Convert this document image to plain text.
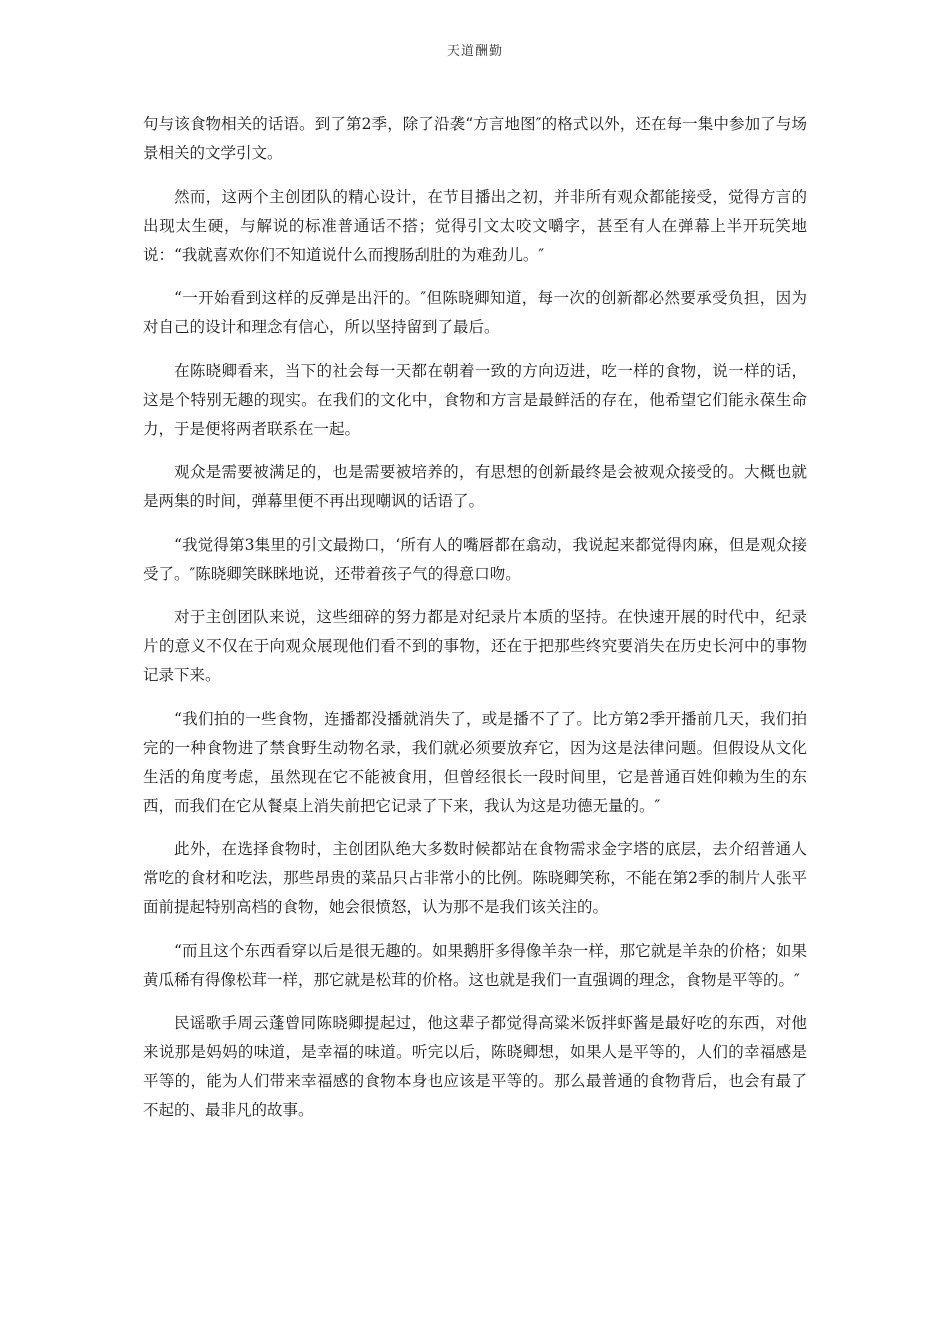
天道酬勤

句与该食物相关的话语。到了第2季，除了沿袭“方言地图″的格式以外，还在每一集中参加了与场景相关的文学引文。

然而，这两个主创团队的精心设计，在节目播出之初，并非所有观众都能接受，觉得方言的出现太生硬，与解说的标准普通话不搭；觉得引文太咬文嚼字，甚至有人在弹幕上半开玩笑地说：“我就喜欢你们不知道说什么而搜肠刮肚的为难劲儿。″

“一开始看到这样的反弹是出汗的。″但陈晓卿知道，每一次的创新都必然要承受负担，因为对自己的设计和理念有信心，所以坚持留到了最后。

在陈晓卿看来，当下的社会每一天都在朝着一致的方向迈进，吃一样的食物，说一样的话，这是个特别无趣的现实。在我们的文化中，食物和方言是最鲜活的存在，他希望它们能永葆生命力，于是便将两者联系在一起。

观众是需要被满足的，也是需要被培养的，有思想的创新最终是会被观众接受的。大概也就是两集的时间，弹幕里便不再出现嘲讽的话语了。

“我觉得第3集里的引文最拗口，‘所有人的嘴唇都在翕动，我说起来都觉得肉麻，但是观众接受了。″陈晓卿笑眯眯地说，还带着孩子气的得意口吻。

对于主创团队来说，这些细碎的努力都是对纪录片本质的坚持。在快速开展的时代中，纪录片的意义不仅在于向观众展现他们看不到的事物，还在于把那些终究要消失在历史长河中的事物记录下来。

“我们拍的一些食物，连播都没播就消失了，或是播不了了。比方第2季开播前几天，我们拍完的一种食物进了禁食野生动物名录，我们就必须要放弃它，因为这是法律问题。但假设从文化生活的角度考虑，虽然现在它不能被食用，但曾经很长一段时间里，它是普通百姓仰赖为生的东西，而我们在它从餐桌上消失前把它记录了下来，我认为这是功德无量的。″

此外，在选择食物时，主创团队绝大多数时候都站在食物需求金字塔的底层，去介绍普通人常吃的食材和吃法，那些昂贵的菜品只占非常小的比例。陈晓卿笑称，不能在第2季的制片人张平面前提起特别高档的食物，她会很愤怒，认为那不是我们该关注的。

“而且这个东西看穿以后是很无趣的。如果鹅肝多得像羊杂一样，那它就是羊杂的价格；如果黄瓜稀有得像松茸一样，那它就是松茸的价格。这也就是我们一直强调的理念，食物是平等的。″

民谣歌手周云蓬曾同陈晓卿提起过，他这辈子都觉得高粱米饭拌虾酱是最好吃的东西，对他来说那是妈妈的味道，是幸福的味道。听完以后，陈晓卿想，如果人是平等的，人们的幸福感是平等的，能为人们带来幸福感的食物本身也应该是平等的。那么最普通的食物背后，也会有最了不起的、最非凡的故事。
